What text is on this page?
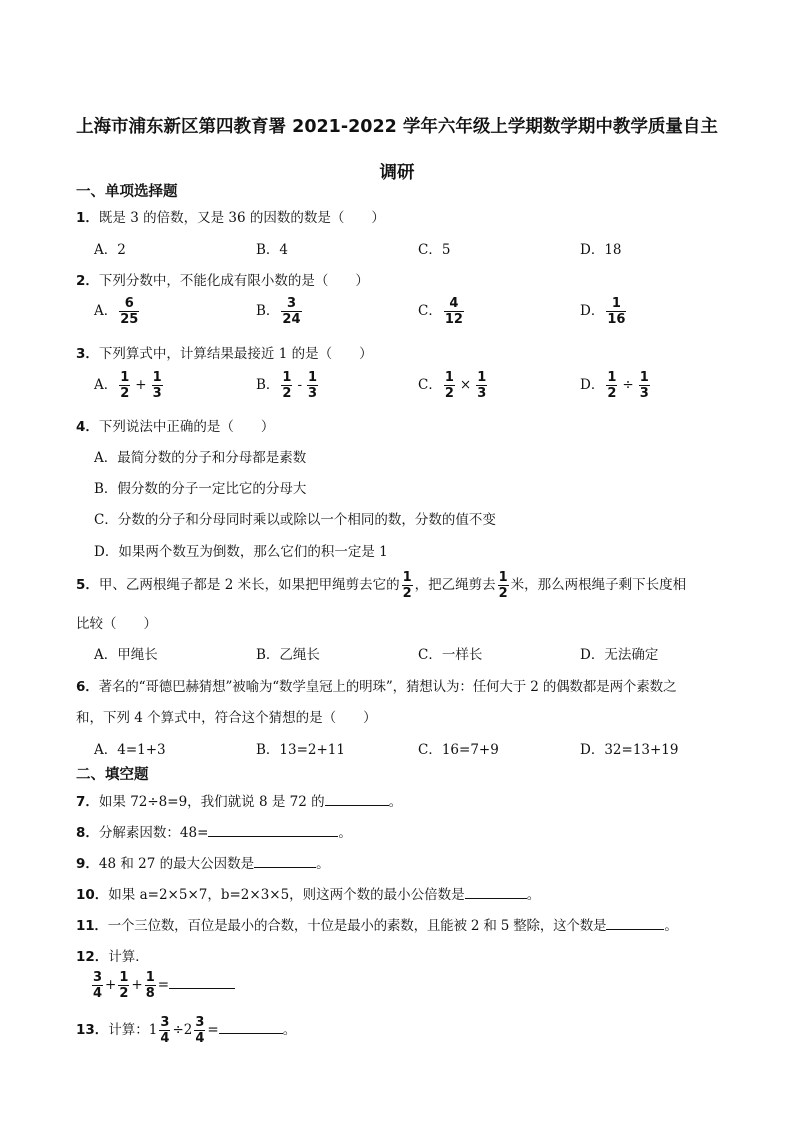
上海市浦东新区第四教育署 2021-2022 学年六年级上学期数学期中教学质量自主
调研
一、单项选择题
1．既是 3 的倍数，又是 36 的因数的数是（　　）
A．2	B．4	C．5	D．18
2．下列分数中，不能化成有限小数的是（　　）
A． $\frac{6}{25}$	B． $\frac{3}{24}$	C． $\frac{4}{12}$	D． $\frac{1}{16}$
3．下列算式中，计算结果最接近 1 的是（　　）
A． $\frac{1}{2} + \frac{1}{3}$	B． $\frac{1}{2} - \frac{1}{3}$	C． $\frac{1}{2} \times \frac{1}{3}$	D． $\frac{1}{2} \div \frac{1}{3}$
4．下列说法中正确的是（　　）
A．最简分数的分子和分母都是素数
B．假分数的分子一定比它的分母大
C．分数的分子和分母同时乘以或除以一个相同的数，分数的值不变
D．如果两个数互为倒数，那么它们的积一定是 1
5．甲、乙两根绳子都是 2 米长，如果把甲绳剪去它的 $\frac{1}{2}$ ，把乙绳剪去 $\frac{1}{2}$ 米，那么两根绳子剩下长度相
比较（　　）
A．甲绳长	B．乙绳长	C．一样长	D．无法确定
6．著名的“哥德巴赫猜想”被喻为“数学皇冠上的明珠”，猜想认为：任何大于 2 的偶数都是两个素数之
和，下列 4 个算式中，符合这个猜想的是（　　）
A．4=1+3	B．13=2+11	C．16=7+9	D．32=13+19
二、填空题
7．如果 72÷8=9，我们就说 8 是 72 的	。
8．分解素因数：48=	。
9．48 和 27 的最大公因数是	。
10．如果 a=2×5×7，b=2×3×5，则这两个数的最小公倍数是	。
11．一个三位数，百位是最小的合数，十位是最小的素数，且能被 2 和 5 整除，这个数是	。
12．计算．
$\frac{3}{4} + \frac{1}{2} + \frac{1}{8}$ =
13．计算：$1 \frac{3}{4} \div 2 \frac{3}{4}$ =	。
